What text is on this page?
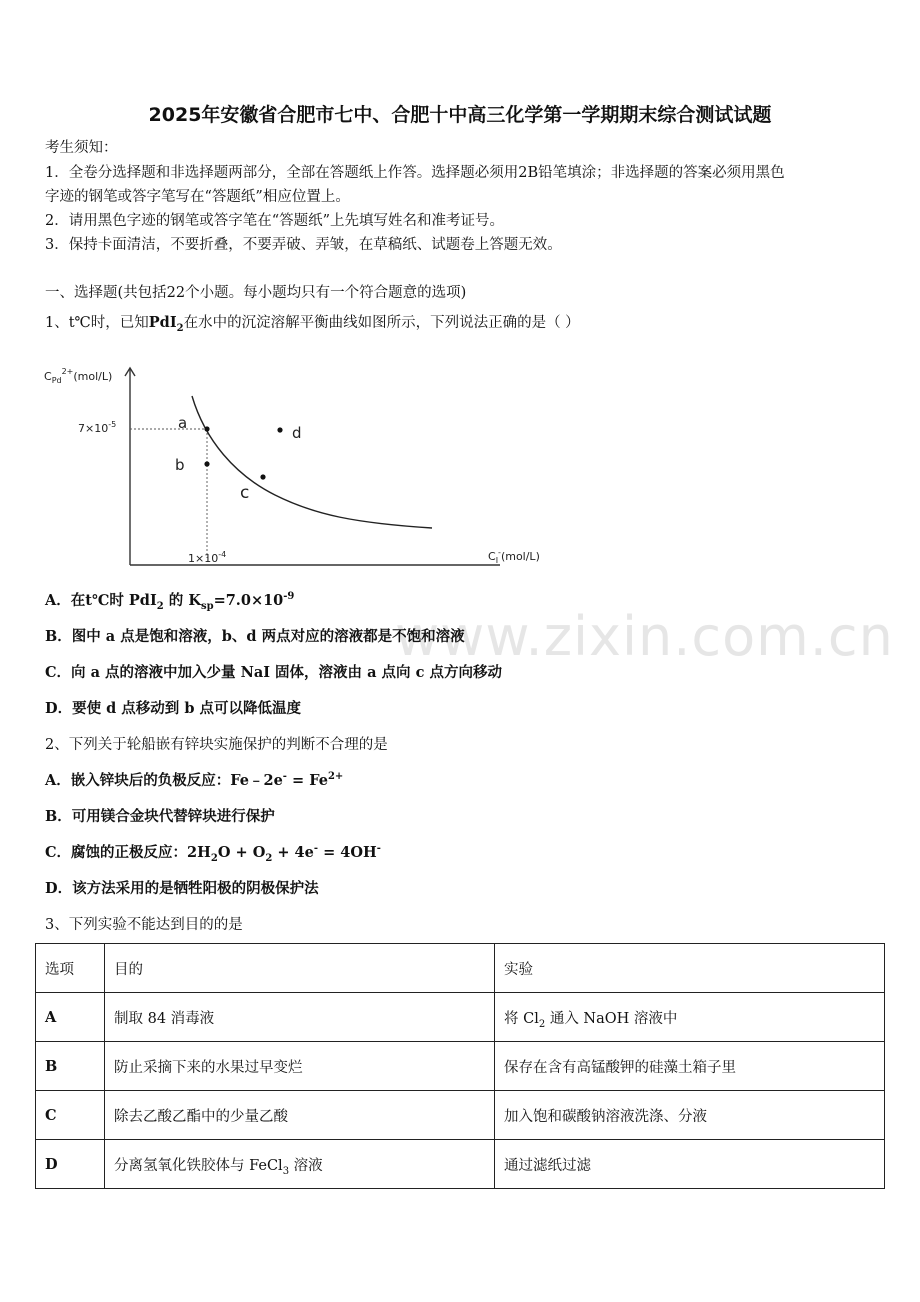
www.zixin.com.cn
2025年安徽省合肥市七中、合肥十中高三化学第一学期期末综合测试试题
考生须知：
1．全卷分选择题和非选择题两部分，全部在答题纸上作答。选择题必须用2B铅笔填涂；非选择题的答案必须用黑色
字迹的钢笔或答字笔写在“答题纸”相应位置上。
2．请用黑色字迹的钢笔或答字笔在“答题纸”上先填写姓名和准考证号。
3．保持卡面清洁，不要折叠，不要弄破、弄皱，在草稿纸、试题卷上答题无效。
一、选择题(共包括22个小题。每小题均只有一个符合题意的选项)
1、t℃时，已知PdI$_2$在水中的沉淀溶解平衡曲线如图所示，下列说法正确的是（ ）
$C_{Pd}^{2+}(mol/L)$
$C_I^-(mol/L)$
$7\times 10^{-5}$
$1\times 10^{-4}$
a
b
c
d
A．在t℃时 PdI$_2$ 的 $K_{sp}=7.0\times 10^{-9}$
B．图中 a 点是饱和溶液，b、d 两点对应的溶液都是不饱和溶液
C．向 a 点的溶液中加入少量 NaI 固体，溶液由 a 点向 c 点方向移动
D．要使 d 点移动到 b 点可以降低温度
2、下列关于轮船嵌有锌块实施保护的判断不合理的是
A．嵌入锌块后的负极反应：Fe﹣2e- = $Fe^{2+}$
B．可用镁合金块代替锌块进行保护
C．腐蚀的正极反应：$2H_2O + O_2 + 4e^- = 4OH^-$
D．该方法采用的是牺牲阳极的阴极保护法
3、下列实验不能达到目的的是
选项	目的	实验
A	制取 84 消毒液	将 $Cl_2$ 通入 NaOH 溶液中
B	防止采摘下来的水果过早变烂	保存在含有高锰酸钾的硅藻土箱子里
C	除去乙酸乙酯中的少量乙酸	加入饱和碳酸钠溶液洗涤、分液
D	分离氢氧化铁胶体与 FeCl$_3$ 溶液	通过滤纸过滤
